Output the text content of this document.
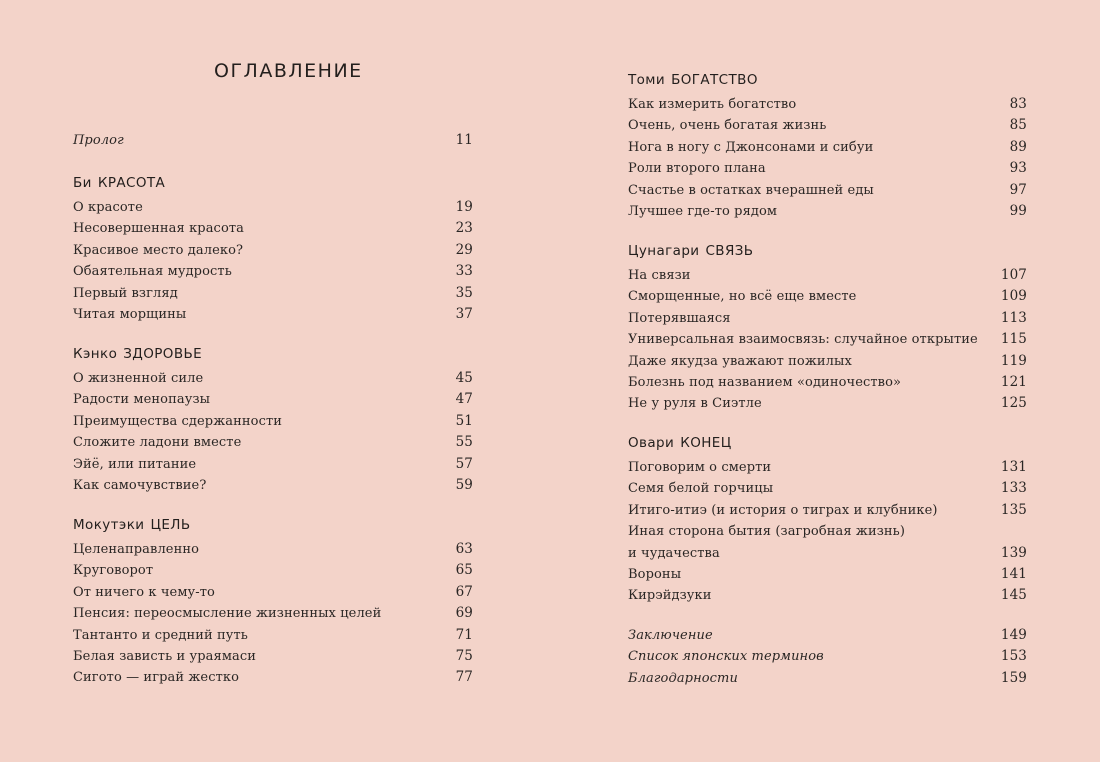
ОГЛАВЛЕНИЕ
Пролог	11
Би КРАСОТА
О красоте	19
Несовершенная красота	23
Красивое место далеко?	29
Обаятельная мудрость	33
Первый взгляд	35
Читая морщины	37
Кэнко ЗДОРОВЬЕ
О жизненной силе	45
Радости менопаузы	47
Преимущества сдержанности	51
Сложите ладони вместе	55
Эйё, или питание	57
Как самочувствие?	59
Мокутэки ЦЕЛЬ
Целенаправленно	63
Круговорот	65
От ничего к чему-то	67
Пенсия: переосмысление жизненных целей	69
Тантанто и средний путь	71
Белая зависть и ураямаси	75
Сигото — играй жестко	77
Томи БОГАТСТВО
Как измерить богатство	83
Очень, очень богатая жизнь	85
Нога в ногу с Джонсонами и сибуи	89
Роли второго плана	93
Счастье в остатках вчерашней еды	97
Лучшее где-то рядом	99
Цунагари СВЯЗЬ
На связи	107
Сморщенные, но всё еще вместе	109
Потерявшаяся	113
Универсальная взаимосвязь: случайное открытие 115
Даже якудза уважают пожилых	119
Болезнь под названием «одиночество»	121
Не у руля в Сиэтле	125
Овари КОНЕЦ
Поговорим о смерти	131
Семя белой горчицы	133
Итиго-итиэ (и история о тиграх и клубнике)	135
Иная сторона бытия (загробная жизнь)
и чудачества	139
Вороны	141
Кирэйдзуки	145
Заключение	149
Список японских терминов	153
Благодарности	159
